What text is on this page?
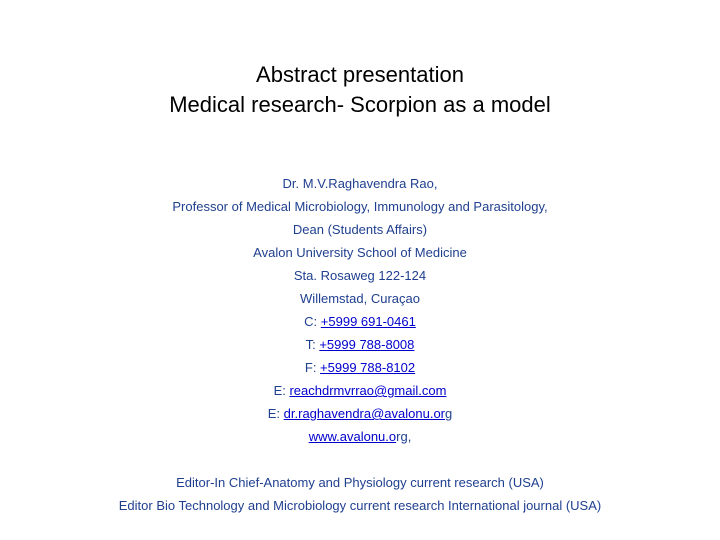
Abstract presentation
Medical research- Scorpion as a model
Dr. M.V.Raghavendra Rao,
Professor of Medical Microbiology, Immunology and Parasitology,
Dean (Students Affairs)
Avalon University School of Medicine
Sta. Rosaweg 122-124
Willemstad, Curaçao
C: +5999 691-0461
T: +5999 788-8008
F: +5999 788-8102
E: reachdrmvrrao@gmail.com
E: dr.raghavendra@avalonu.org
www.avalonu.org,
Editor-In Chief-Anatomy and Physiology current research (USA)
Editor Bio Technology and Microbiology current research International journal (USA)
